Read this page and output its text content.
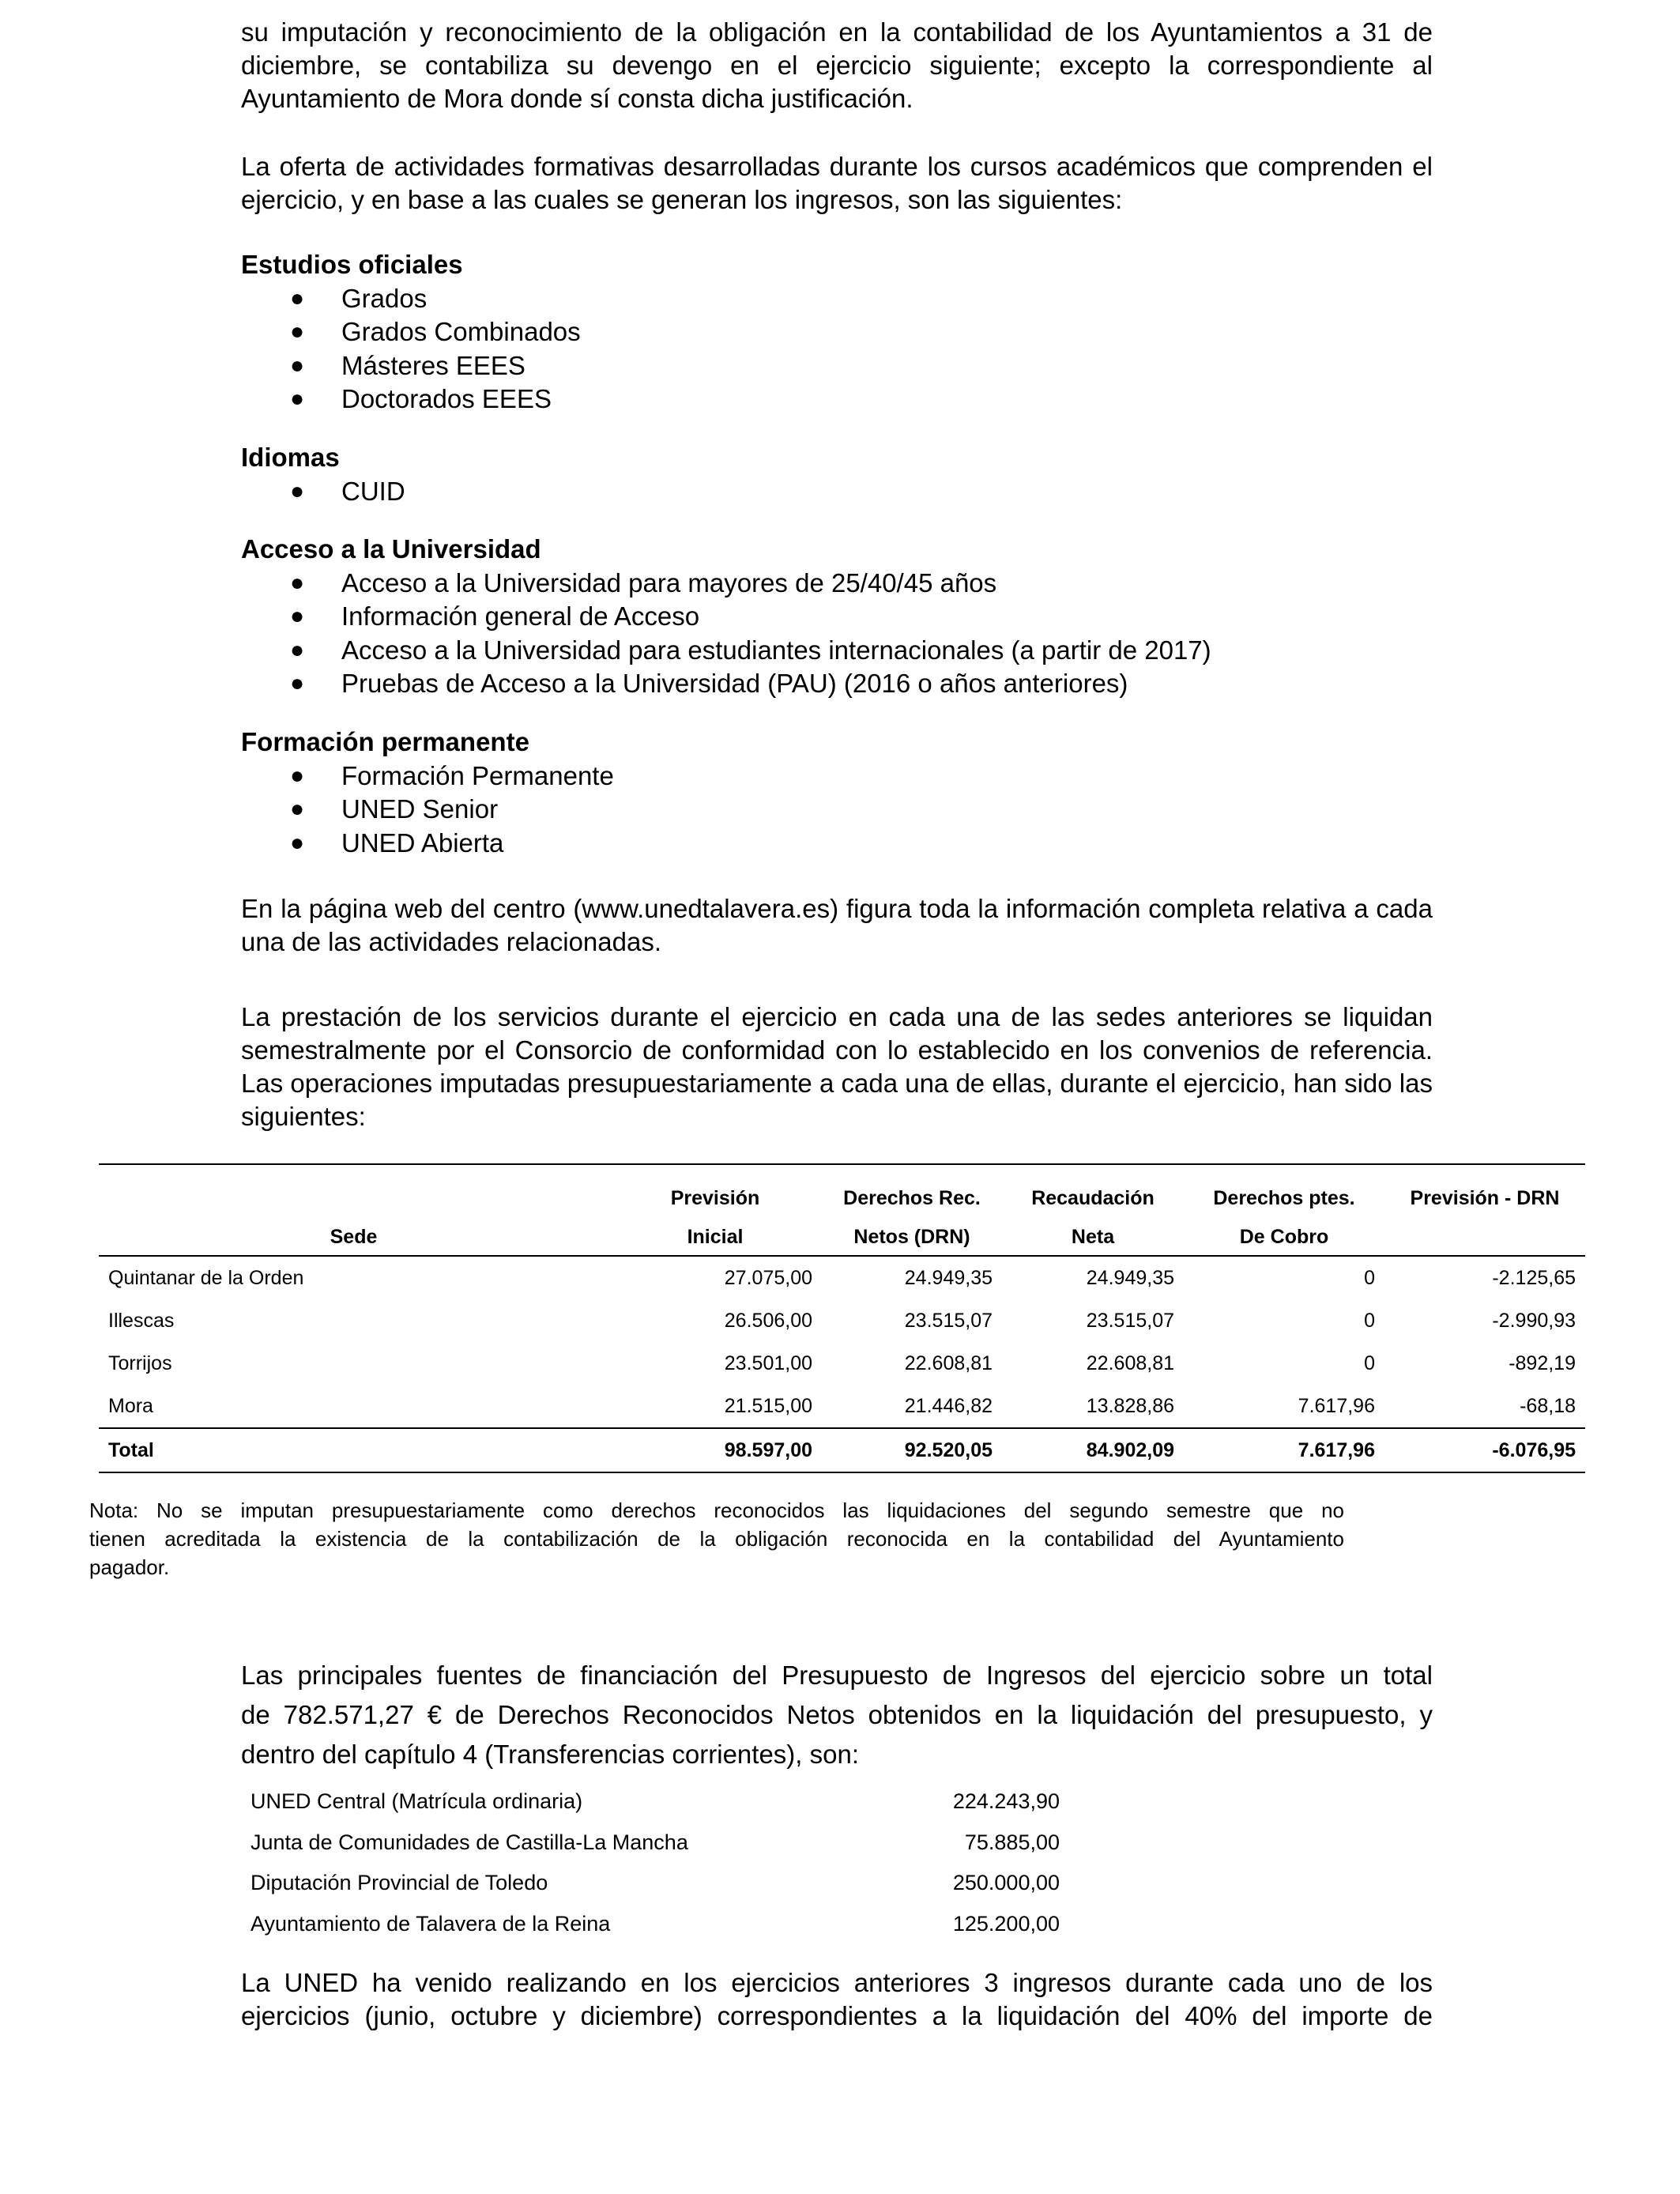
su imputación y reconocimiento de la obligación en la contabilidad de los Ayuntamientos a 31 de diciembre, se contabiliza su devengo en el ejercicio siguiente; excepto la correspondiente al Ayuntamiento de Mora donde sí consta dicha justificación.
La oferta de actividades formativas desarrolladas durante los cursos académicos que comprenden el ejercicio, y en base a las cuales se generan los ingresos, son las siguientes:
Estudios oficiales
● Grados
● Grados Combinados
● Másteres EEES
● Doctorados EEES
Idiomas
● CUID
Acceso a la Universidad
● Acceso a la Universidad para mayores de 25/40/45 años
● Información general de Acceso
● Acceso a la Universidad para estudiantes internacionales (a partir de 2017)
● Pruebas de Acceso a la Universidad (PAU) (2016 o años anteriores)
Formación permanente
● Formación Permanente
● UNED Senior
● UNED Abierta
En la página web del centro (www.unedtalavera.es) figura toda la información completa relativa a cada una de las actividades relacionadas.
La prestación de los servicios durante el ejercicio en cada una de las sedes anteriores se liquidan semestralmente por el Consorcio de conformidad con lo establecido en los convenios de referencia. Las operaciones imputadas presupuestariamente a cada una de ellas, durante el ejercicio, han sido las siguientes:
	Previsión	Derechos Rec.	Recaudación	Derechos ptes.	Previsión - DRN
Sede	Inicial	Netos (DRN)	Neta	De Cobro	
Quintanar de la Orden	27.075,00	24.949,35	24.949,35	0	-2.125,65
Illescas	26.506,00	23.515,07	23.515,07	0	-2.990,93
Torrijos	23.501,00	22.608,81	22.608,81	0	-892,19
Mora	21.515,00	21.446,82	13.828,86	7.617,96	-68,18
Total	98.597,00	92.520,05	84.902,09	7.617,96	-6.076,95
Nota: No se imputan presupuestariamente como derechos reconocidos las liquidaciones del segundo semestre que no
tienen acreditada la existencia de la contabilización de la obligación reconocida en la contabilidad del Ayuntamiento
pagador.
Las principales fuentes de financiación del Presupuesto de Ingresos del ejercicio sobre un total
de 782.571,27 € de Derechos Reconocidos Netos obtenidos en la liquidación del presupuesto, y
dentro del capítulo 4 (Transferencias corrientes), son:
UNED Central (Matrícula ordinaria)	224.243,90
Junta de Comunidades de Castilla-La Mancha	75.885,00
Diputación Provincial de Toledo	250.000,00
Ayuntamiento de Talavera de la Reina	125.200,00
La UNED ha venido realizando en los ejercicios anteriores 3 ingresos durante cada uno de los
ejercicios (junio, octubre y diciembre) correspondientes a la liquidación del 40% del importe de
